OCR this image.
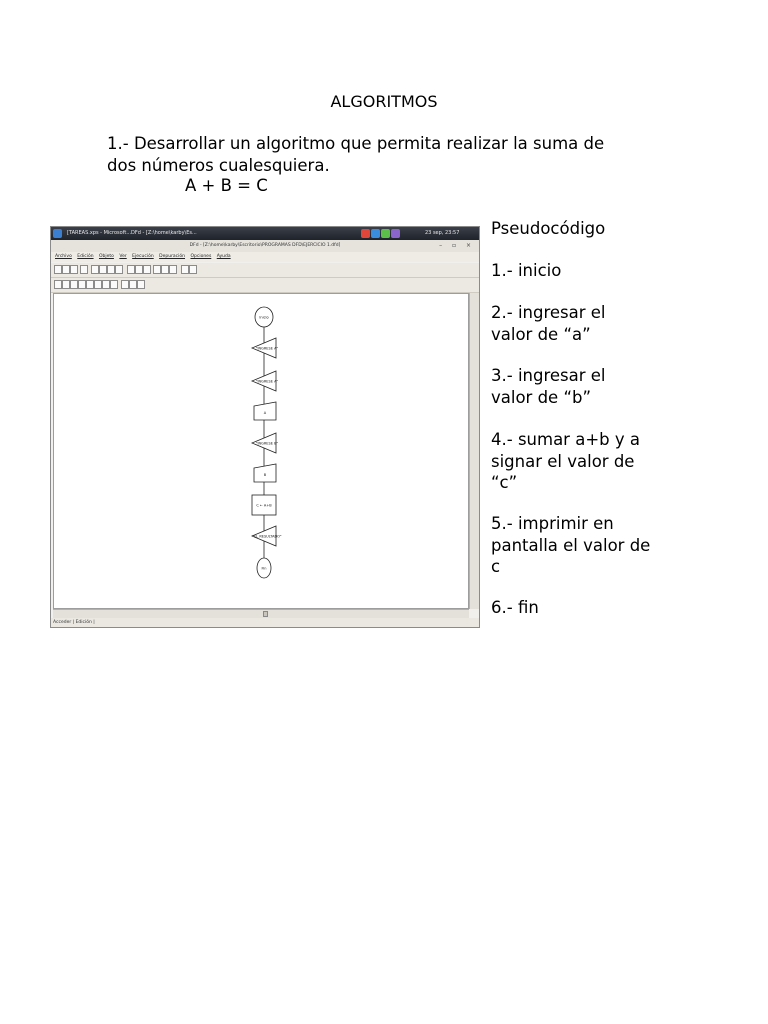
ALGORITMOS
1.- Desarrollar un algoritmo que permita realizar la suma de
dos números cualesquiera.
A + B = C
[TAREAS.xps - Microsoft... DFd - [Z:\home\karby\Es...	23 sep, 23:57
DFd - [Z:\home\karby\Escritorio\PROGRAMAS DFD\EJERCICIO 1.dfd]	– ▫ ×
Archivo Edición Objeto Ver Ejecución Depuración Opciones Ayuda
Inicio
"INGRESE A"
"INGRESE A"
A
"INGRESE B"
B
C ← A+B
"EL RESULTADO"
Fin
Acceder | Edición |
Pseudocódigo
1.- inicio
2.- ingresar el
valor de “a”
3.- ingresar el
valor de “b”
4.- sumar a+b y a
signar el valor de
“c”
5.- imprimir en
pantalla el valor de
c
6.- fin
